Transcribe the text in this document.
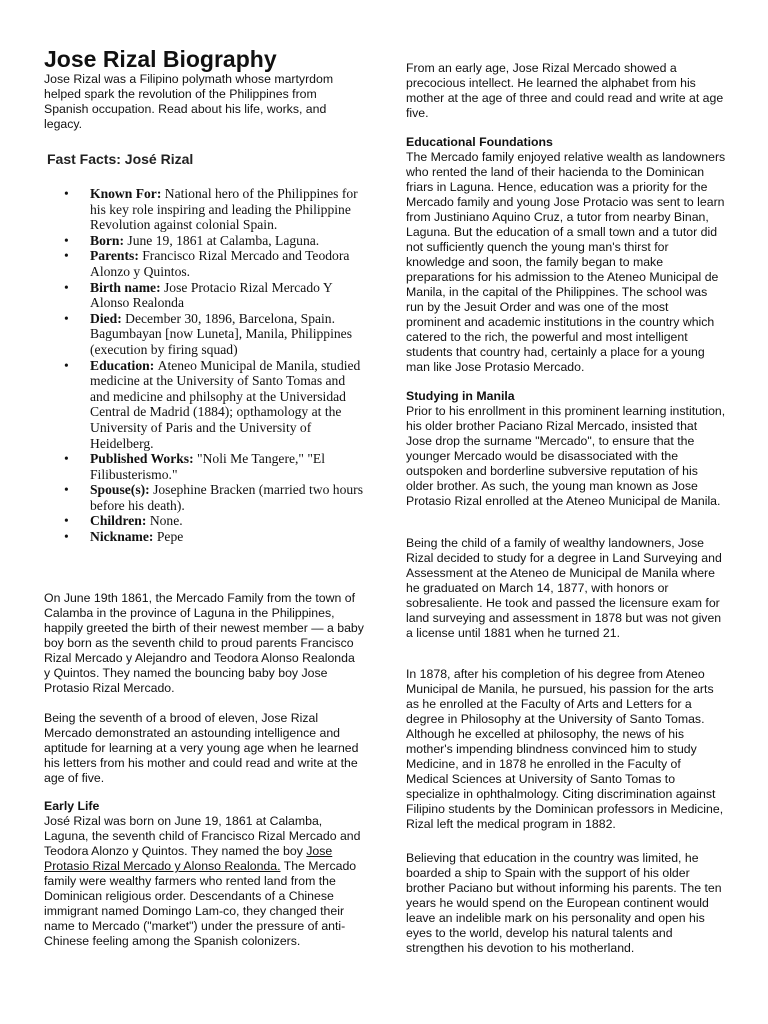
Jose Rizal Biography

Jose Rizal was a Filipino polymath whose martyrdom helped spark the revolution of the Philippines from Spanish occupation. Read about his life, works, and legacy.

Fast Facts: José Rizal
• Known For: National hero of the Philippines for his key role inspiring and leading the Philippine Revolution against colonial Spain.
• Born: June 19, 1861 at Calamba, Laguna.
• Parents: Francisco Rizal Mercado and Teodora Alonzo y Quintos.
• Birth name: Jose Protacio Rizal Mercado Y Alonso Realonda
• Died: December 30, 1896, Barcelona, Spain. Bagumbayan [now Luneta], Manila, Philippines (execution by firing squad)
• Education: Ateneo Municipal de Manila, studied medicine at the University of Santo Tomas and and medicine and philsophy at the Universidad Central de Madrid (1884); opthamology at the University of Paris and the University of Heidelberg.
• Published Works: "Noli Me Tangere," "El Filibusterismo."
• Spouse(s): Josephine Bracken (married two hours before his death).
• Children: None.
• Nickname: Pepe

On June 19th 1861, the Mercado Family from the town of Calamba in the province of Laguna in the Philippines, happily greeted the birth of their newest member — a baby boy born as the seventh child to proud parents Francisco Rizal Mercado y Alejandro and Teodora Alonso Realonda y Quintos. They named the bouncing baby boy Jose Protasio Rizal Mercado.

Being the seventh of a brood of eleven, Jose Rizal Mercado demonstrated an astounding intelligence and aptitude for learning at a very young age when he learned his letters from his mother and could read and write at the age of five.

Early Life

José Rizal was born on June 19, 1861 at Calamba, Laguna, the seventh child of Francisco Rizal Mercado and Teodora Alonzo y Quintos. They named the boy Jose Protasio Rizal Mercado y Alonso Realonda. The Mercado family were wealthy farmers who rented land from the Dominican religious order. Descendants of a Chinese immigrant named Domingo Lam-co, they changed their name to Mercado ("market") under the pressure of anti-Chinese feeling among the Spanish colonizers.

From an early age, Jose Rizal Mercado showed a precocious intellect. He learned the alphabet from his mother at the age of three and could read and write at age five.

Educational Foundations

The Mercado family enjoyed relative wealth as landowners who rented the land of their hacienda to the Dominican friars in Laguna. Hence, education was a priority for the Mercado family and young Jose Protacio was sent to learn from Justiniano Aquino Cruz, a tutor from nearby Binan, Laguna. But the education of a small town and a tutor did not sufficiently quench the young man's thirst for knowledge and soon, the family began to make preparations for his admission to the Ateneo Municipal de Manila, in the capital of the Philippines. The school was run by the Jesuit Order and was one of the most prominent and academic institutions in the country which catered to the rich, the powerful and most intelligent students that country had, certainly a place for a young man like Jose Protasio Mercado.

Studying in Manila

Prior to his enrollment in this prominent learning institution, his older brother Paciano Rizal Mercado, insisted that Jose drop the surname "Mercado", to ensure that the younger Mercado would be disassociated with the outspoken and borderline subversive reputation of his older brother. As such, the young man known as Jose Protasio Rizal enrolled at the Ateneo Municipal de Manila.

Being the child of a family of wealthy landowners, Jose Rizal decided to study for a degree in Land Surveying and Assessment at the Ateneo de Municipal de Manila where he graduated on March 14, 1877, with honors or sobresaliente. He took and passed the licensure exam for land surveying and assessment in 1878 but was not given a license until 1881 when he turned 21.

In 1878, after his completion of his degree from Ateneo Municipal de Manila, he pursued, his passion for the arts as he enrolled at the Faculty of Arts and Letters for a degree in Philosophy at the University of Santo Tomas. Although he excelled at philosophy, the news of his mother's impending blindness convinced him to study Medicine, and in 1878 he enrolled in the Faculty of Medical Sciences at University of Santo Tomas to specialize in ophthalmology. Citing discrimination against Filipino students by the Dominican professors in Medicine, Rizal left the medical program in 1882.

Believing that education in the country was limited, he boarded a ship to Spain with the support of his older brother Paciano but without informing his parents. The ten years he would spend on the European continent would leave an indelible mark on his personality and open his eyes to the world, develop his natural talents and strengthen his devotion to his motherland.
